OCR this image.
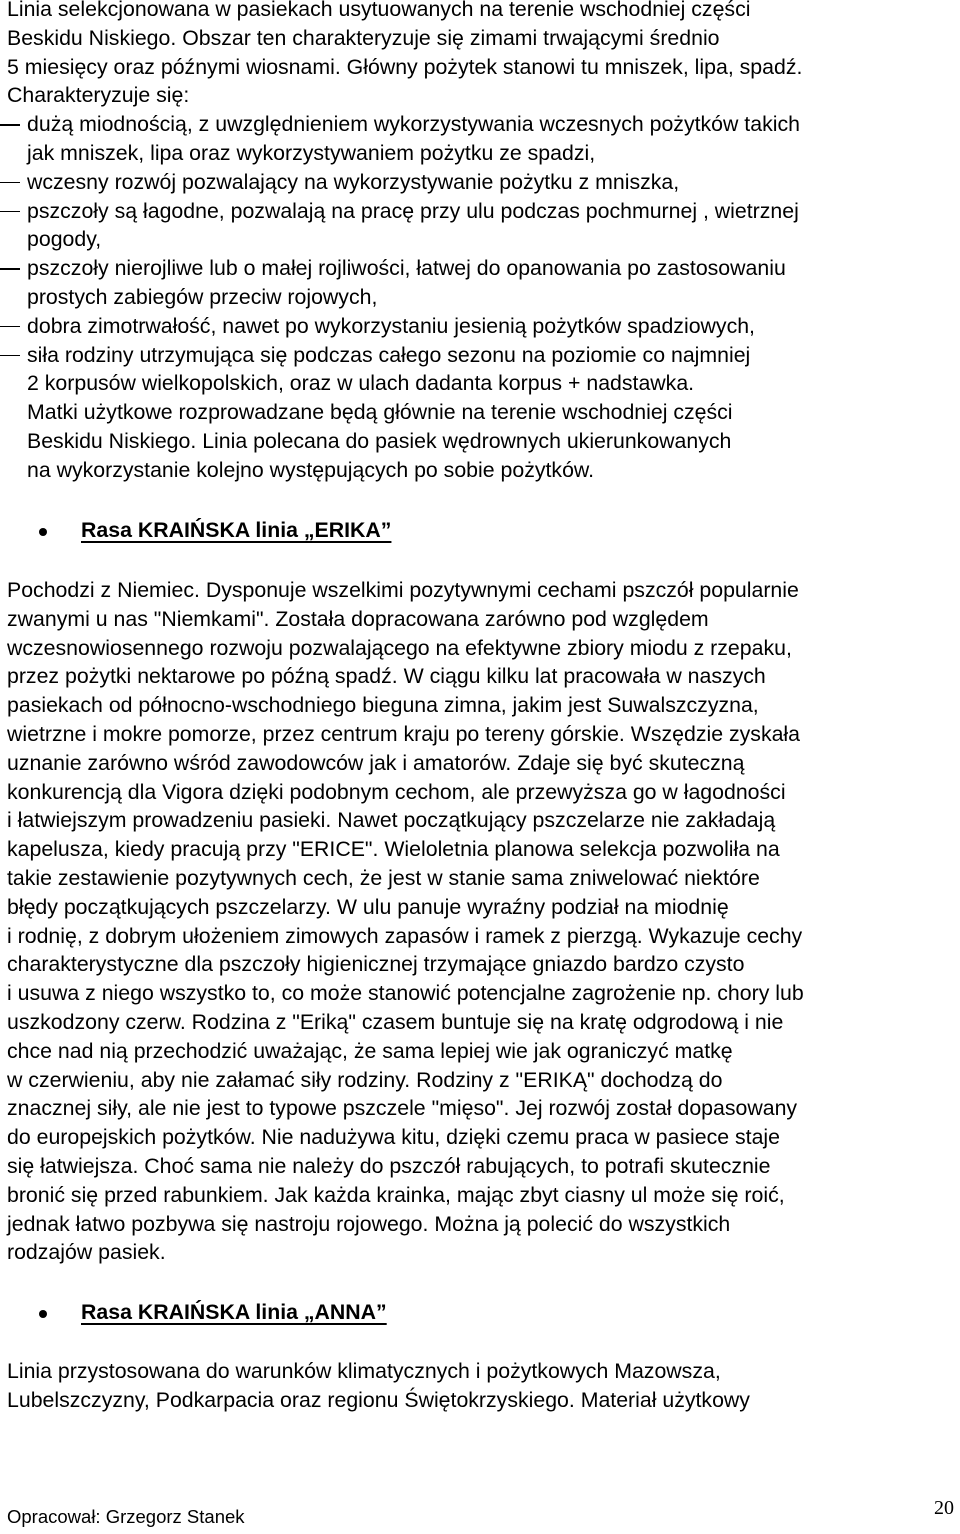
Linia selekcjonowana w pasiekach usytuowanych na terenie wschodniej części

Beskidu Niskiego. Obszar ten charakteryzuje się zimami trwającymi średnio

5 miesięcy oraz późnymi wiosnami. Główny pożytek stanowi tu mniszek, lipa, spadź.

Charakteryzuje się:

dużą miodnością, z uwzględnieniem wykorzystywania wczesnych pożytków takich

jak mniszek, lipa oraz wykorzystywaniem pożytku ze spadzi,

wczesny rozwój pozwalający na wykorzystywanie pożytku z mniszka,

pszczoły są łagodne, pozwalają na pracę przy ulu podczas pochmurnej , wietrznej

pogody,

pszczoły nierojliwe lub o małej rojliwości, łatwej do opanowania po zastosowaniu

prostych zabiegów przeciw rojowych,

dobra zimotrwałość, nawet po wykorzystaniu jesienią pożytków spadziowych,

siła rodziny utrzymująca się podczas całego sezonu na poziomie co najmniej

2 korpusów wielkopolskich, oraz w ulach dadanta korpus + nadstawka.

Matki użytkowe rozprowadzane będą głównie na terenie wschodniej części

Beskidu Niskiego. Linia polecana do pasiek wędrownych ukierunkowanych

na wykorzystanie kolejno występujących po sobie pożytków.

Rasa KRAIŃSKA linia „ERIKA”

Pochodzi z Niemiec. Dysponuje wszelkimi pozytywnymi cechami pszczół popularnie

zwanymi u nas "Niemkami". Została dopracowana zarówno pod względem

wczesnowiosennego rozwoju pozwalającego na efektywne zbiory miodu z rzepaku,

przez pożytki nektarowe po późną spadź. W ciągu kilku lat pracowała w naszych

pasiekach od północno-wschodniego bieguna zimna, jakim jest Suwalszczyzna,

wietrzne i mokre pomorze, przez centrum kraju po tereny górskie. Wszędzie zyskała

uznanie zarówno wśród zawodowców jak i amatorów. Zdaje się być skuteczną

konkurencją dla Vigora dzięki podobnym cechom, ale przewyższa go w łagodności

i łatwiejszym prowadzeniu pasieki. Nawet początkujący pszczelarze nie zakładają

kapelusza, kiedy pracują przy "ERICE". Wieloletnia planowa selekcja pozwoliła na

takie zestawienie pozytywnych cech, że jest w stanie sama zniwelować niektóre

błędy początkujących pszczelarzy. W ulu panuje wyraźny podział na miodnię

i rodnię, z dobrym ułożeniem zimowych zapasów i ramek z pierzgą. Wykazuje cechy

charakterystyczne dla pszczoły higienicznej trzymające gniazdo bardzo czysto

i usuwa z niego wszystko to, co może stanowić potencjalne zagrożenie np. chory lub

uszkodzony czerw. Rodzina z "Eriką" czasem buntuje się na kratę odgrodową i nie

chce nad nią przechodzić uważając, że sama lepiej wie jak ograniczyć matkę

w czerwieniu, aby nie załamać siły rodziny. Rodziny z "ERIKĄ" dochodzą do

znacznej siły, ale nie jest to typowe pszczele "mięso". Jej rozwój został dopasowany

do europejskich pożytków. Nie nadużywa kitu, dzięki czemu praca w pasiece staje

się łatwiejsza. Choć sama nie należy do pszczół rabujących, to potrafi skutecznie

bronić się przed rabunkiem. Jak każda krainka, mając zbyt ciasny ul może się roić,

jednak łatwo pozbywa się nastroju rojowego. Można ją polecić do wszystkich

rodzajów pasiek.

Rasa KRAIŃSKA linia „ANNA”

Linia przystosowana do warunków klimatycznych i pożytkowych Mazowsza,

Lubelszczyzny, Podkarpacia oraz regionu Świętokrzyskiego. Materiał użytkowy

Opracował: Grzegorz Stanek	20
